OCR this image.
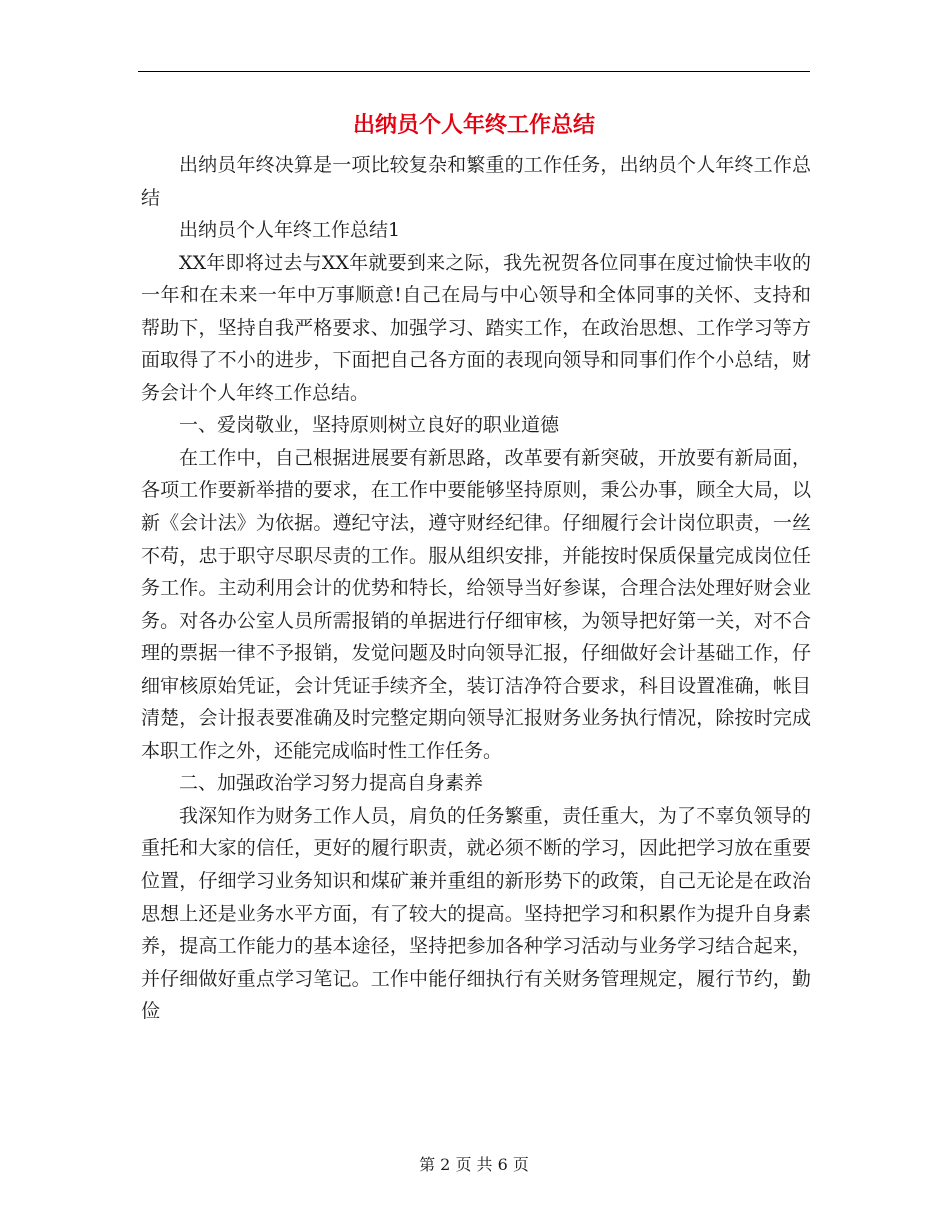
出纳员个人年终工作总结

出纳员年终决算是一项比较复杂和繁重的工作任务，出纳员个人年终工作总结

出纳员个人年终工作总结1

XX年即将过去与XX年就要到来之际，我先祝贺各位同事在度过愉快丰收的一年和在未来一年中万事顺意!自己在局与中心领导和全体同事的关怀、支持和帮助下，坚持自我严格要求、加强学习、踏实工作，在政治思想、工作学习等方面取得了不小的进步，下面把自己各方面的表现向领导和同事们作个小总结，财务会计个人年终工作总结。

一、爱岗敬业，坚持原则树立良好的职业道德

在工作中，自己根据进展要有新思路，改革要有新突破，开放要有新局面，各项工作要新举措的要求，在工作中要能够坚持原则，秉公办事，顾全大局，以新《会计法》为依据。遵纪守法，遵守财经纪律。仔细履行会计岗位职责，一丝不苟，忠于职守尽职尽责的工作。服从组织安排，并能按时保质保量完成岗位任务工作。主动利用会计的优势和特长，给领导当好参谋，合理合法处理好财会业务。对各办公室人员所需报销的单据进行仔细审核，为领导把好第一关，对不合理的票据一律不予报销，发觉问题及时向领导汇报，仔细做好会计基础工作，仔细审核原始凭证，会计凭证手续齐全，装订洁净符合要求，科目设置准确，帐目清楚，会计报表要准确及时完整定期向领导汇报财务业务执行情况，除按时完成本职工作之外，还能完成临时性工作任务。

二、加强政治学习努力提高自身素养

我深知作为财务工作人员，肩负的任务繁重，责任重大，为了不辜负领导的重托和大家的信任，更好的履行职责，就必须不断的学习，因此把学习放在重要位置，仔细学习业务知识和煤矿兼并重组的新形势下的政策，自己无论是在政治思想上还是业务水平方面，有了较大的提高。坚持把学习和积累作为提升自身素养，提高工作能力的基本途径，坚持把参加各种学习活动与业务学习结合起来，并仔细做好重点学习笔记。工作中能仔细执行有关财务管理规定，履行节约，勤俭

第 2 页 共 6 页
